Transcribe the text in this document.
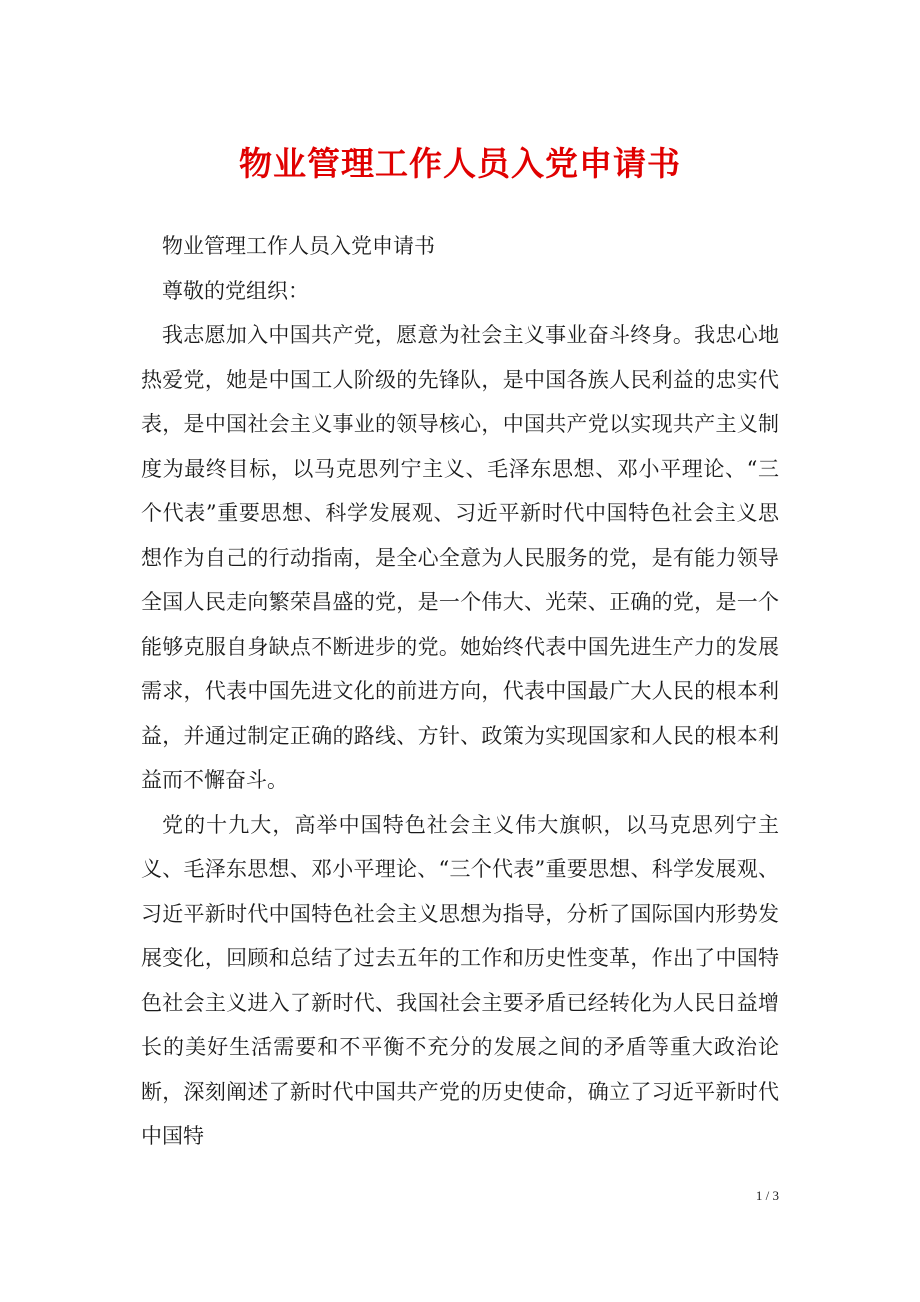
物业管理工作人员入党申请书

物业管理工作人员入党申请书

尊敬的党组织：

我志愿加入中国共产党，愿意为社会主义事业奋斗终身。我忠心地热爱党，她是中国工人阶级的先锋队，是中国各族人民利益的忠实代表，是中国社会主义事业的领导核心，中国共产党以实现共产主义制度为最终目标，以马克思列宁主义、毛泽东思想、邓小平理论、“三个代表”重要思想、科学发展观、习近平新时代中国特色社会主义思想作为自己的行动指南，是全心全意为人民服务的党，是有能力领导全国人民走向繁荣昌盛的党，是一个伟大、光荣、正确的党，是一个能够克服自身缺点不断进步的党。她始终代表中国先进生产力的发展需求，代表中国先进文化的前进方向，代表中国最广大人民的根本利益，并通过制定正确的路线、方针、政策为实现国家和人民的根本利益而不懈奋斗。

党的十九大，高举中国特色社会主义伟大旗帜，以马克思列宁主义、毛泽东思想、邓小平理论、“三个代表”重要思想、科学发展观、习近平新时代中国特色社会主义思想为指导，分析了国际国内形势发展变化，回顾和总结了过去五年的工作和历史性变革，作出了中国特色社会主义进入了新时代、我国社会主要矛盾已经转化为人民日益增长的美好生活需要和不平衡不充分的发展之间的矛盾等重大政治论断，深刻阐述了新时代中国共产党的历史使命，确立了习近平新时代中国特

1 / 3
